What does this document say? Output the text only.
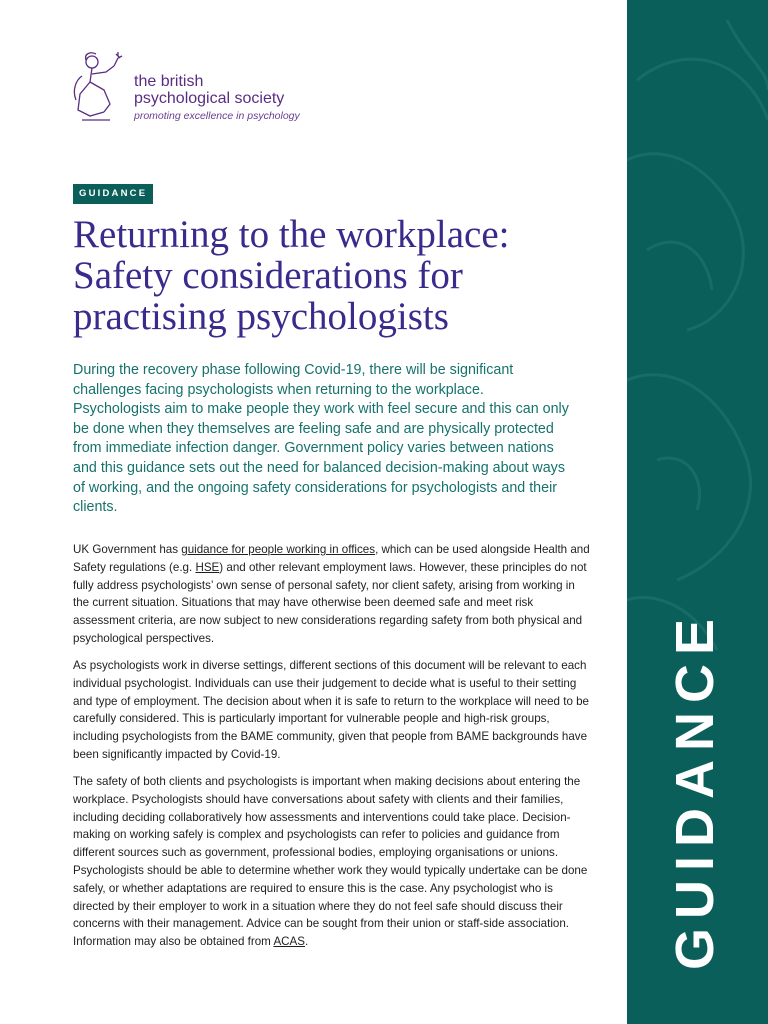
GUIDANCE
the british
psychological society
promoting excellence in psychology
GUIDANCE
Returning to the workplace: Safety considerations for practising psychologists

During the recovery phase following Covid-19, there will be significant challenges facing psychologists when returning to the workplace. Psychologists aim to make people they work with feel secure and this can only be done when they themselves are feeling safe and are physically protected from immediate infection danger. Government policy varies between nations and this guidance sets out the need for balanced decision-making about ways of working, and the ongoing safety considerations for psychologists and their clients.

UK Government has guidance for people working in offices, which can be used alongside Health and Safety regulations (e.g. HSE) and other relevant employment laws. However, these principles do not fully address psychologists’ own sense of personal safety, nor client safety, arising from working in the current situation. Situations that may have otherwise been deemed safe and meet risk assessment criteria, are now subject to new considerations regarding safety from both physical and psychological perspectives.

As psychologists work in diverse settings, different sections of this document will be relevant to each individual psychologist. Individuals can use their judgement to decide what is useful to their setting and type of employment. The decision about when it is safe to return to the workplace will need to be carefully considered. This is particularly important for vulnerable people and high-risk groups, including psychologists from the BAME community, given that people from BAME backgrounds have been significantly impacted by Covid-19.

The safety of both clients and psychologists is important when making decisions about entering the workplace. Psychologists should have conversations about safety with clients and their families, including deciding collaboratively how assessments and interventions could take place. Decision-making on working safely is complex and psychologists can refer to policies and guidance from different sources such as government, professional bodies, employing organisations or unions. Psychologists should be able to determine whether work they would typically undertake can be done safely, or whether adaptations are required to ensure this is the case. Any psychologist who is directed by their employer to work in a situation where they do not feel safe should discuss their concerns with their management. Advice can be sought from their union or staff-side association. Information may also be obtained from ACAS.
